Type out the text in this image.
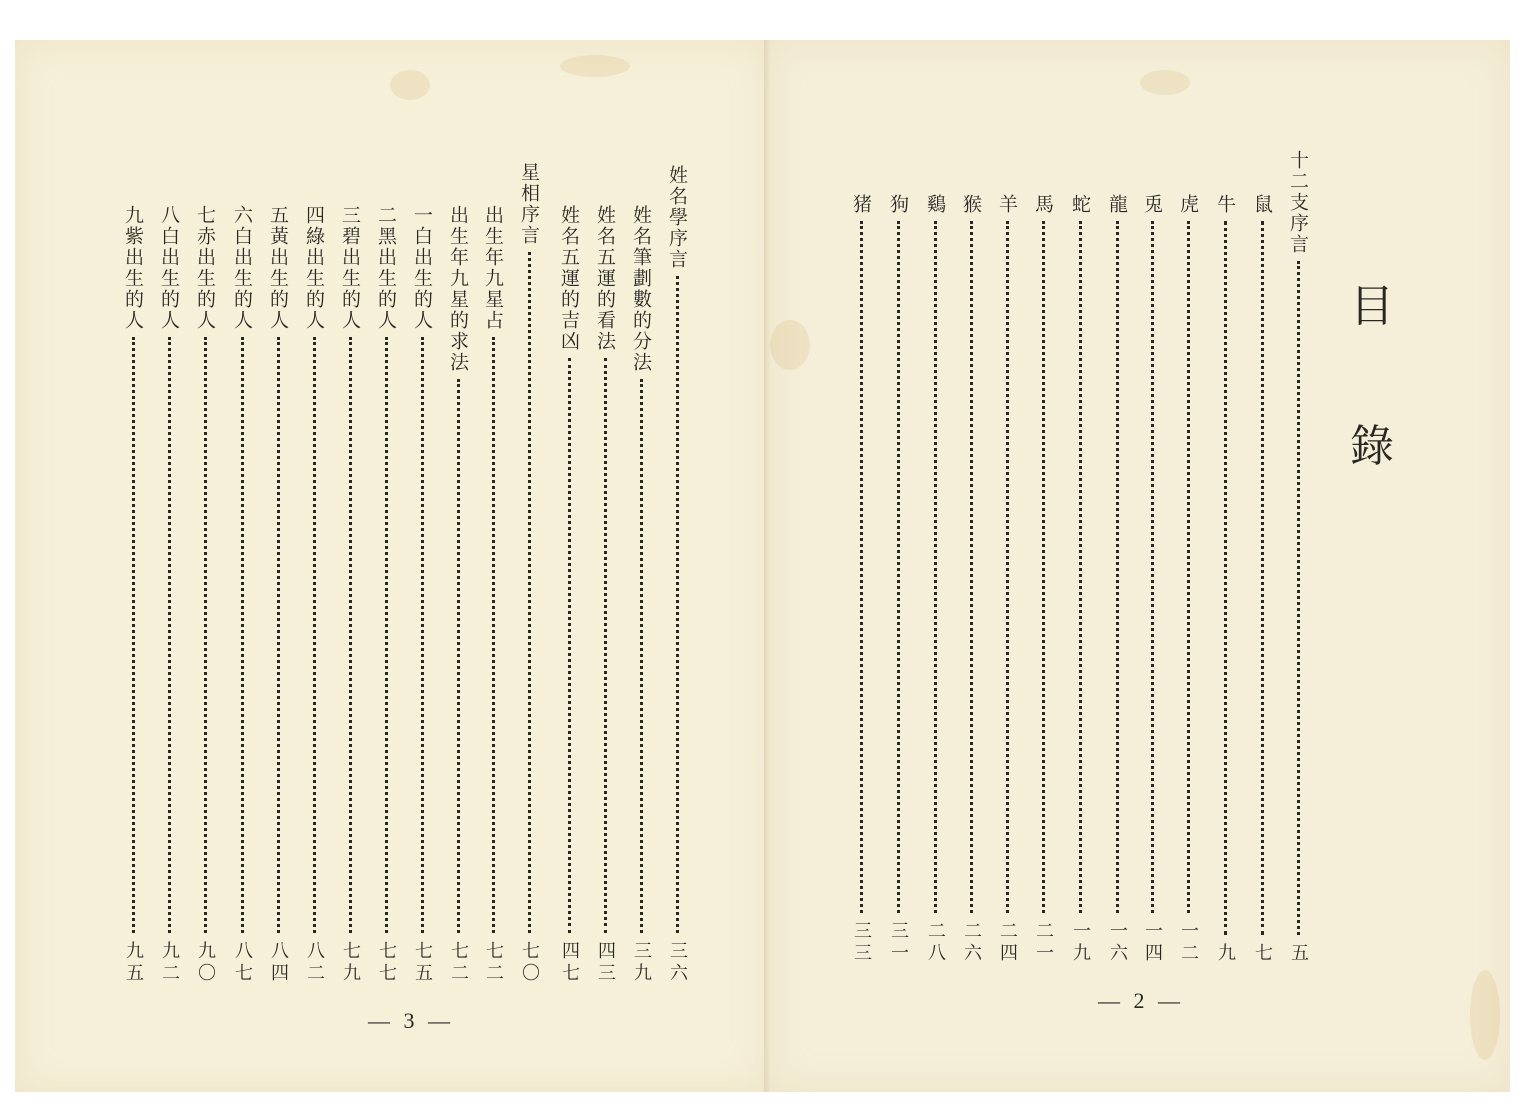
目
錄
十二支序言
五
鼠
七
牛
九
虎
一二
兎
一四
龍
一六
蛇
一九
馬
二一
羊
二四
猴
二六
鷄
二八
狗
三一
猪
三三
姓名學序言
三六
姓名筆劃數的分法
三九
姓名五運的看法
四三
姓名五運的吉凶
四七
星相序言
七〇
出生年九星占
七二
出生年九星的求法
七二
一白出生的人
七五
二黑出生的人
七七
三碧出生的人
七九
四綠出生的人
八二
五黃出生的人
八四
六白出生的人
八七
七赤出生的人
九〇
八白出生的人
九二
九紫出生的人
九五
— 2 —
— 3 —
